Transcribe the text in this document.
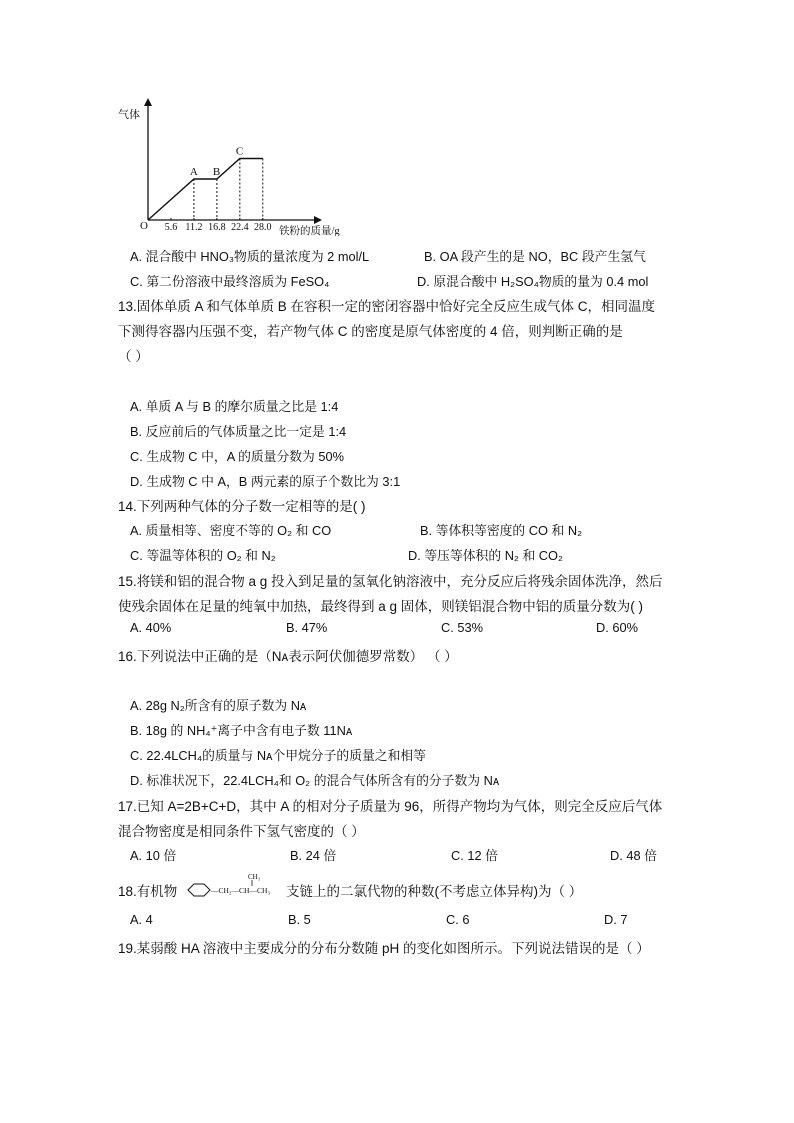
5.6 11.2 16.8 22.4 28.0
A B
C
气体
O	铁粉的质量/g
A. 混合酸中 HNO₃物质的量浓度为 2 mol/L	B. OA 段产生的是 NO，BC 段产生氢气
C. 第二份溶液中最终溶质为 FeSO₄	D. 原混合酸中 H₂SO₄物质的量为 0.4 mol
13.固体单质 A 和气体单质 B 在容积一定的密闭容器中恰好完全反应生成气体 C，相同温度
下测得容器内压强不变，若产物气体 C 的密度是原气体密度的 4 倍，则判断正确的是
（ ）
A. 单质 A 与 B 的摩尔质量之比是 1:4
B. 反应前后的气体质量之比一定是 1:4
C. 生成物 C 中，A 的质量分数为 50%
D. 生成物 C 中 A，B 两元素的原子个数比为 3:1
14.下列两种气体的分子数一定相等的是( )
A. 质量相等、密度不等的 O₂ 和 CO	B. 等体积等密度的 CO 和 N₂
C. 等温等体积的 O₂ 和 N₂	D. 等压等体积的 N₂ 和 CO₂
15.将镁和铝的混合物 a g 投入到足量的氢氧化钠溶液中，充分反应后将残余固体洗净，然后
使残余固体在足量的纯氧中加热，最终得到 a g 固体，则镁铝混合物中铝的质量分数为( )
A. 40%	B. 47%	C. 53%	D. 60%
16.下列说法中正确的是（Nᴀ表示阿伏伽德罗常数） （ ）
A. 28g N₂所含有的原子数为 Nᴀ
B. 18g 的 NH₄⁺离子中含有电子数 11Nᴀ
C. 22.4LCH₄的质量与 Nᴀ个甲烷分子的质量之和相等
D. 标准状况下，22.4LCH₄和 O₂ 的混合气体所含有的分子数为 Nᴀ
17.已知 A=2B+C+D，其中 A 的相对分子质量为 96，所得产物均为气体，则完全反应后气体
混合物密度是相同条件下氢气密度的（ ）
A. 10 倍	B. 24 倍	C. 12 倍	D. 48 倍
18.有机物
CH₃
—CH₂—CH—CH₃ 支链上的二氯代物的种数(不考虑立体异构)为（ ）
A. 4	B. 5	C. 6	D. 7
19.某弱酸 HA 溶液中主要成分的分布分数随 pH 的变化如图所示。下列说法错误的是（ ）
